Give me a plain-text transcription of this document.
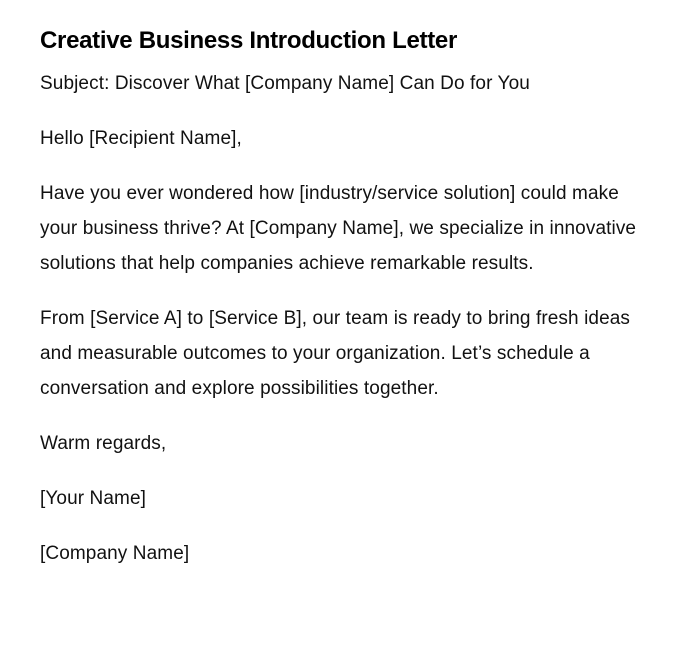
Creative Business Introduction Letter

Subject: Discover What [Company Name] Can Do for You

Hello [Recipient Name],

Have you ever wondered how [industry/service solution] could make your business thrive? At [Company Name], we specialize in innovative solutions that help companies achieve remarkable results.

From [Service A] to [Service B], our team is ready to bring fresh ideas and measurable outcomes to your organization. Let’s schedule a conversation and explore possibilities together.

Warm regards,

[Your Name]

[Company Name]
